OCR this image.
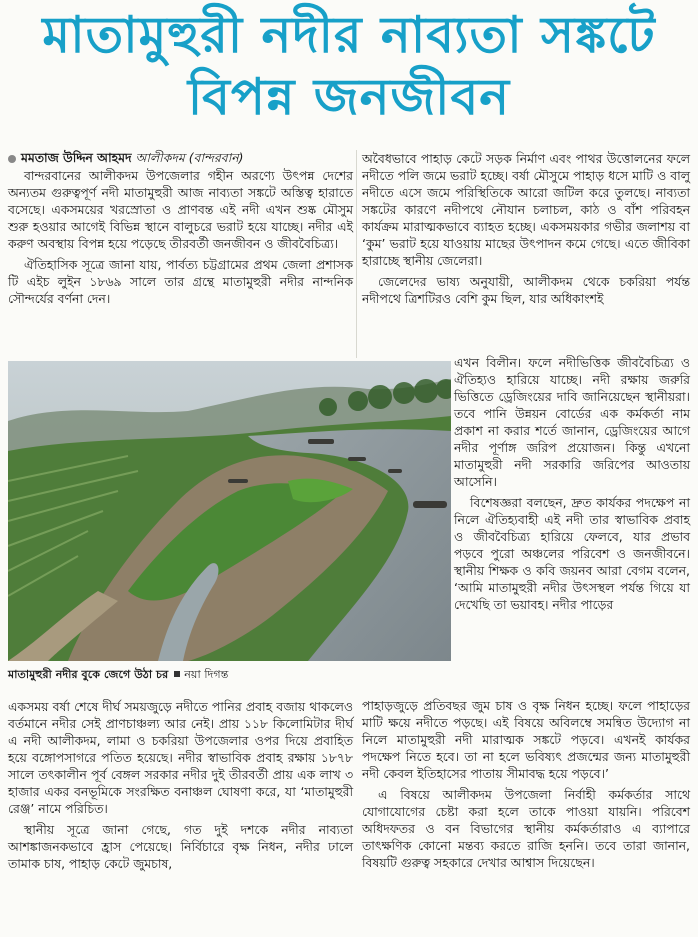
মাতামুহুরী নদীর নাব্যতা সঙ্কটে
বিপন্ন জনজীবন
মমতাজ উদ্দিন আহমদ আলীকদম (বান্দরবান)

বান্দরবানের আলীকদম উপজেলার গহীন অরণ্যে উৎপন্ন দেশের অন্যতম গুরুত্বপূর্ণ নদী মাতামুহুরী আজ নাব্যতা সঙ্কটে অস্তিত্ব হারাতে বসেছে। একসময়ের খরস্রোতা ও প্রাণবন্ত এই নদী এখন শুষ্ক মৌসুম শুরু হওয়ার আগেই বিভিন্ন স্থানে বালুচরে ভরাট হয়ে যাচ্ছে। নদীর এই করুণ অবস্থায় বিপন্ন হয়ে পড়েছে তীরবর্তী জনজীবন ও জীববৈচিত্র্য।

ঐতিহাসিক সূত্রে জানা যায়, পার্বত্য চট্টগ্রামের প্রথম জেলা প্রশাসক টি এইচ লুইন ১৮৬৯ সালে তার গ্রন্থে মাতামুহুরী নদীর নান্দনিক সৌন্দর্যের বর্ণনা দেন।

অবৈধভাবে পাহাড় কেটে সড়ক নির্মাণ এবং পাথর উত্তোলনের ফলে নদীতে পলি জমে ভরাট হচ্ছে। বর্ষা মৌসুমে পাহাড় ধসে মাটি ও বালু নদীতে এসে জমে পরিস্থিতিকে আরো জটিল করে তুলছে। নাব্যতা সঙ্কটের কারণে নদীপথে নৌযান চলাচল, কাঠ ও বাঁশ পরিবহন কার্যক্রম মারাত্মকভাবে ব্যাহত হচ্ছে। একসময়কার গভীর জলাশয় বা ‘কুম’ ভরাট হয়ে যাওয়ায় মাছের উৎপাদন কমে গেছে। এতে জীবিকা হারাচ্ছে স্থানীয় জেলেরা।

জেলেদের ভাষ্য অনুযায়ী, আলীকদম থেকে চকরিয়া পর্যন্ত নদীপথে ত্রিশটিরও বেশি কুম ছিল, যার অধিকাংশই

মাতামুহুরী নদীর বুকে জেগে উঠা চর নয়া দিগন্ত

এখন বিলীন। ফলে নদীভিত্তিক জীববৈচিত্র্য ও ঐতিহ্যও হারিয়ে যাচ্ছে। নদী রক্ষায় জরুরি ভিত্তিতে ড্রেজিংয়ের দাবি জানিয়েছেন স্থানীয়রা। তবে পানি উন্নয়ন বোর্ডের এক কর্মকর্তা নাম প্রকাশ না করার শর্তে জানান, ড্রেজিংয়ের আগে নদীর পূর্ণাঙ্গ জরিপ প্রয়োজন। কিন্তু এখনো মাতামুহুরী নদী সরকারি জরিপের আওতায় আসেনি।

বিশেষজ্ঞরা বলছেন, দ্রুত কার্যকর পদক্ষেপ না নিলে ঐতিহ্যবাহী এই নদী তার স্বাভাবিক প্রবাহ ও জীববৈচিত্র্য হারিয়ে ফেলবে, যার প্রভাব পড়বে পুরো অঞ্চলের পরিবেশ ও জনজীবনে। স্থানীয় শিক্ষক ও কবি জয়নব আরা বেগম বলেন, ‘আমি মাতামুহুরী নদীর উৎসস্থল পর্যন্ত গিয়ে যা দেখেছি তা ভয়াবহ। নদীর পাড়ের

একসময় বর্ষা শেষে দীর্ঘ সময়জুড়ে নদীতে পানির প্রবাহ বজায় থাকলেও বর্তমানে নদীর সেই প্রাণচাঞ্চল্য আর নেই। প্রায় ১১৮ কিলোমিটার দীর্ঘ এ নদী আলীকদম, লামা ও চকরিয়া উপজেলার ওপর দিয়ে প্রবাহিত হয়ে বঙ্গোপসাগরে পতিত হয়েছে। নদীর স্বাভাবিক প্রবাহ রক্ষায় ১৮৭৮ সালে তৎকালীন পূর্ব বেঙ্গল সরকার নদীর দুই তীরবর্তী প্রায় এক লাখ ৩ হাজার একর বনভূমিকে সংরক্ষিত বনাঞ্চল ঘোষণা করে, যা ‘মাতামুহুরী রেঞ্জ’ নামে পরিচিত।

স্থানীয় সূত্রে জানা গেছে, গত দুই দশকে নদীর নাব্যতা আশঙ্কাজনকভাবে হ্রাস পেয়েছে। নির্বিচারে বৃক্ষ নিধন, নদীর ঢালে তামাক চাষ, পাহাড় কেটে জুমচাষ,

পাহাড়জুড়ে প্রতিবছর জুম চাষ ও বৃক্ষ নিধন হচ্ছে। ফলে পাহাড়ের মাটি ক্ষয়ে নদীতে পড়ছে। এই বিষয়ে অবিলম্বে সমন্বিত উদ্যোগ না নিলে মাতামুহুরী নদী মারাত্মক সঙ্কটে পড়বে। এখনই কার্যকর পদক্ষেপ নিতে হবে। তা না হলে ভবিষ্যৎ প্রজন্মের জন্য মাতামুহুরী নদী কেবল ইতিহাসের পাতায় সীমাবদ্ধ হয়ে পড়বে।’

এ বিষয়ে আলীকদম উপজেলা নির্বাহী কর্মকর্তার সাথে যোগাযোগের চেষ্টা করা হলে তাকে পাওয়া যায়নি। পরিবেশ অধিদফতর ও বন বিভাগের স্থানীয় কর্মকর্তারাও এ ব্যাপারে তাৎক্ষণিক কোনো মন্তব্য করতে রাজি হননি। তবে তারা জানান, বিষয়টি গুরুত্ব সহকারে দেখার আশ্বাস দিয়েছেন।
